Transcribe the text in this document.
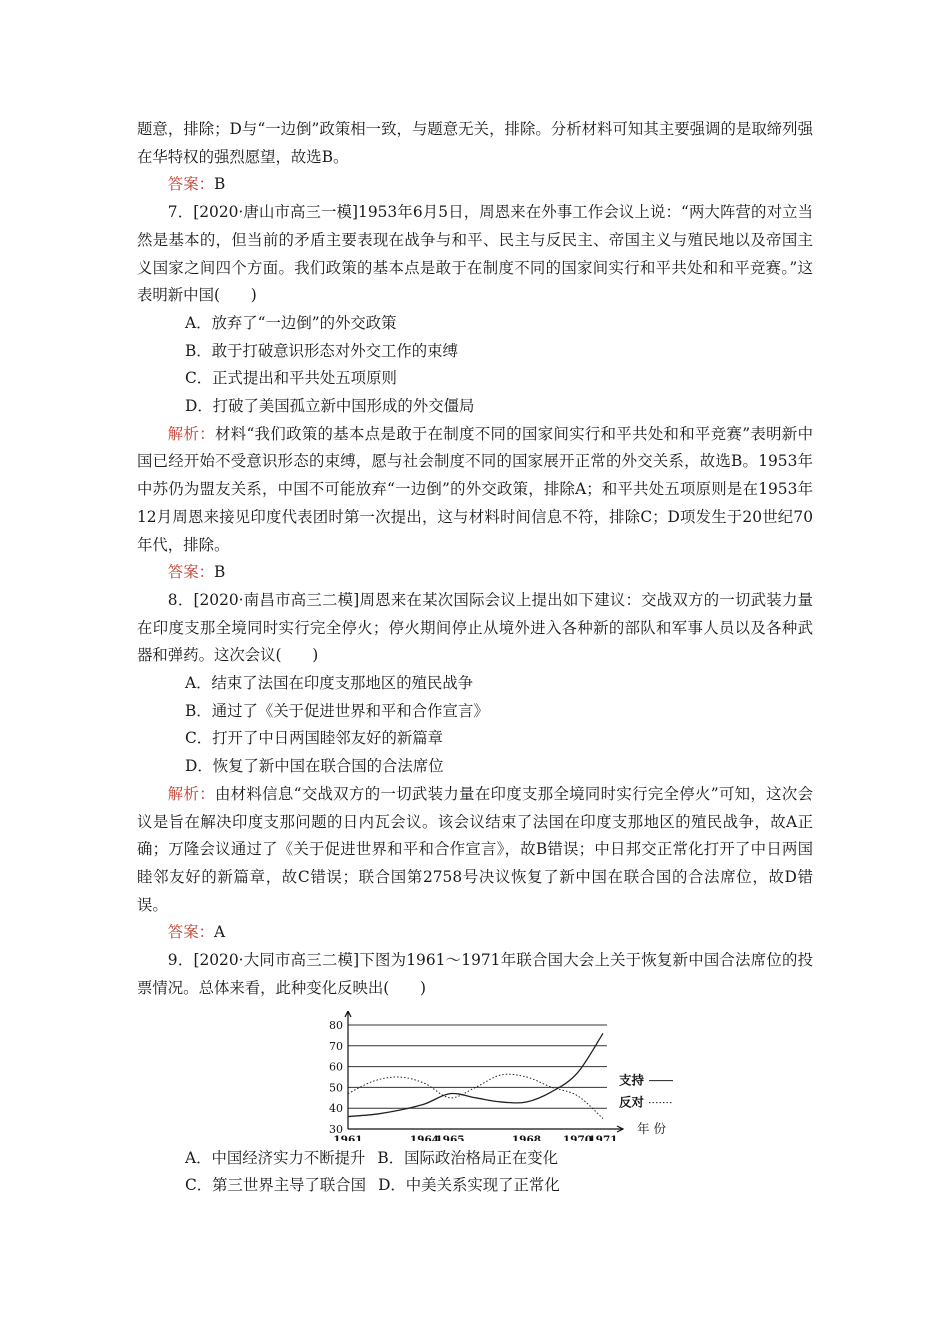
题意，排除；D与“一边倒”政策相一致，与题意无关，排除。分析材料可知其主要强调的是取缔列强在华特权的强烈愿望，故选B。

答案：B

7．[2020·唐山市高三一模]1953年6月5日，周恩来在外事工作会议上说：“两大阵营的对立当然是基本的，但当前的矛盾主要表现在战争与和平、民主与反民主、帝国主义与殖民地以及帝国主义国家之间四个方面。我们政策的基本点是敢于在制度不同的国家间实行和平共处和和平竞赛。”这表明新中国(　　)

A．放弃了“一边倒”的外交政策
B．敢于打破意识形态对外交工作的束缚
C．正式提出和平共处五项原则
D．打破了美国孤立新中国形成的外交僵局

解析：材料“我们政策的基本点是敢于在制度不同的国家间实行和平共处和和平竞赛”表明新中国已经开始不受意识形态的束缚，愿与社会制度不同的国家展开正常的外交关系，故选B。1953年中苏仍为盟友关系，中国不可能放弃“一边倒”的外交政策，排除A；和平共处五项原则是在1953年12月周恩来接见印度代表团时第一次提出，这与材料时间信息不符，排除C；D项发生于20世纪70年代，排除。

答案：B

8．[2020·南昌市高三二模]周恩来在某次国际会议上提出如下建议：交战双方的一切武装力量在印度支那全境同时实行完全停火；停火期间停止从境外进入各种新的部队和军事人员以及各种武器和弹药。这次会议(　　)

A．结束了法国在印度支那地区的殖民战争
B．通过了《关于促进世界和平和合作宣言》
C．打开了中日两国睦邻友好的新篇章
D．恢复了新中国在联合国的合法席位

解析：由材料信息“交战双方的一切武装力量在印度支那全境同时实行完全停火”可知，这次会议是旨在解决印度支那问题的日内瓦会议。该会议结束了法国在印度支那地区的殖民战争，故A正确；万隆会议通过了《关于促进世界和平和合作宣言》，故B错误；中日邦交正常化打开了中日两国睦邻友好的新篇章，故C错误；联合国第2758号决议恢复了新中国在联合国的合法席位，故D错误。

答案：A

9．[2020·大同市高三二模]下图为1961～1971年联合国大会上关于恢复新中国合法席位的投票情况。总体来看，此种变化反映出(　　)

30
40
50
60
70
80
1961	1964
1965	1968 1970
1971
年 份
支持
反对
A．中国经济实力不断提升 B．国际政治格局正在变化
C．第三世界主导了联合国 D．中美关系实现了正常化
